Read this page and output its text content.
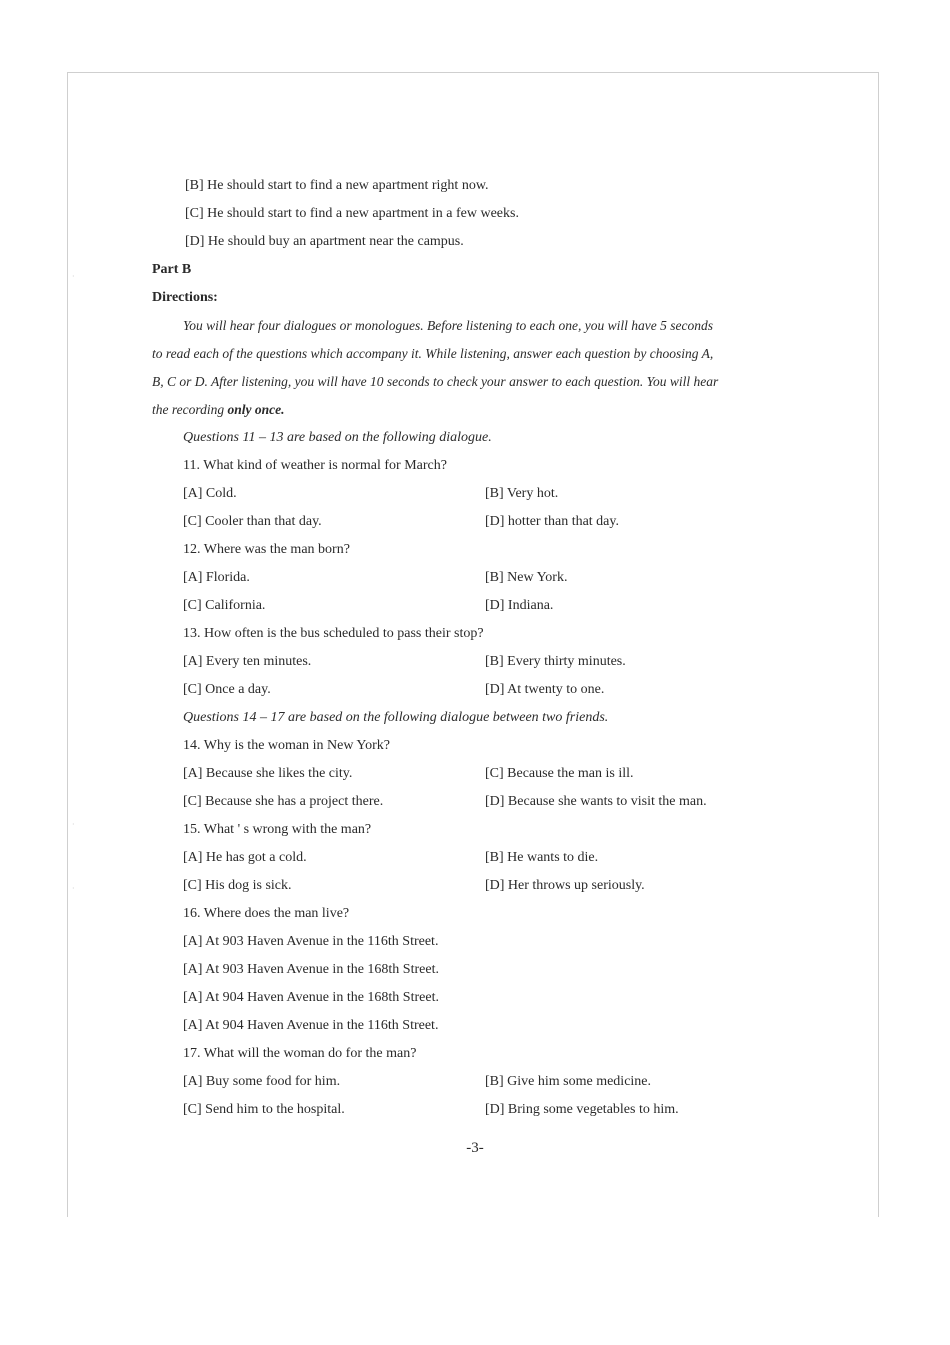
·
·
·
[B] He should start to find a new apartment right now.
[C] He should start to find a new apartment in a few weeks.
[D] He should buy an apartment near the campus.
Part B
Directions:
You will hear four dialogues or monologues. Before listening to each one, you will have 5 seconds
to read each of the questions which accompany it. While listening, answer each question by choosing A,
B, C or D. After listening, you will have 10 seconds to check your answer to each question. You will hear
the recording only once.
Questions 11 – 13 are based on the following dialogue.
11. What kind of weather is normal for March?
[A] Cold.	[B] Very hot.
[C] Cooler than that day.	[D] hotter than that day.
12. Where was the man born?
[A] Florida.	[B] New York.
[C] California.	[D] Indiana.
13. How often is the bus scheduled to pass their stop?
[A] Every ten minutes.	[B] Every thirty minutes.
[C] Once a day.	[D] At twenty to one.
Questions 14 – 17 are based on the following dialogue between two friends.
14. Why is the woman in New York?
[A] Because she likes the city.	[C] Because the man is ill.
[C] Because she has a project there.	[D] Because she wants to visit the man.
15. What ' s wrong with the man?
[A] He has got a cold.	[B] He wants to die.
[C] His dog is sick.	[D] Her throws up seriously.
16. Where does the man live?
[A] At 903 Haven Avenue in the 116th Street.
[A] At 903 Haven Avenue in the 168th Street.
[A] At 904 Haven Avenue in the 168th Street.
[A] At 904 Haven Avenue in the 116th Street.
17. What will the woman do for the man?
[A] Buy some food for him.	[B] Give him some medicine.
[C] Send him to the hospital.	[D] Bring some vegetables to him.
-3-
